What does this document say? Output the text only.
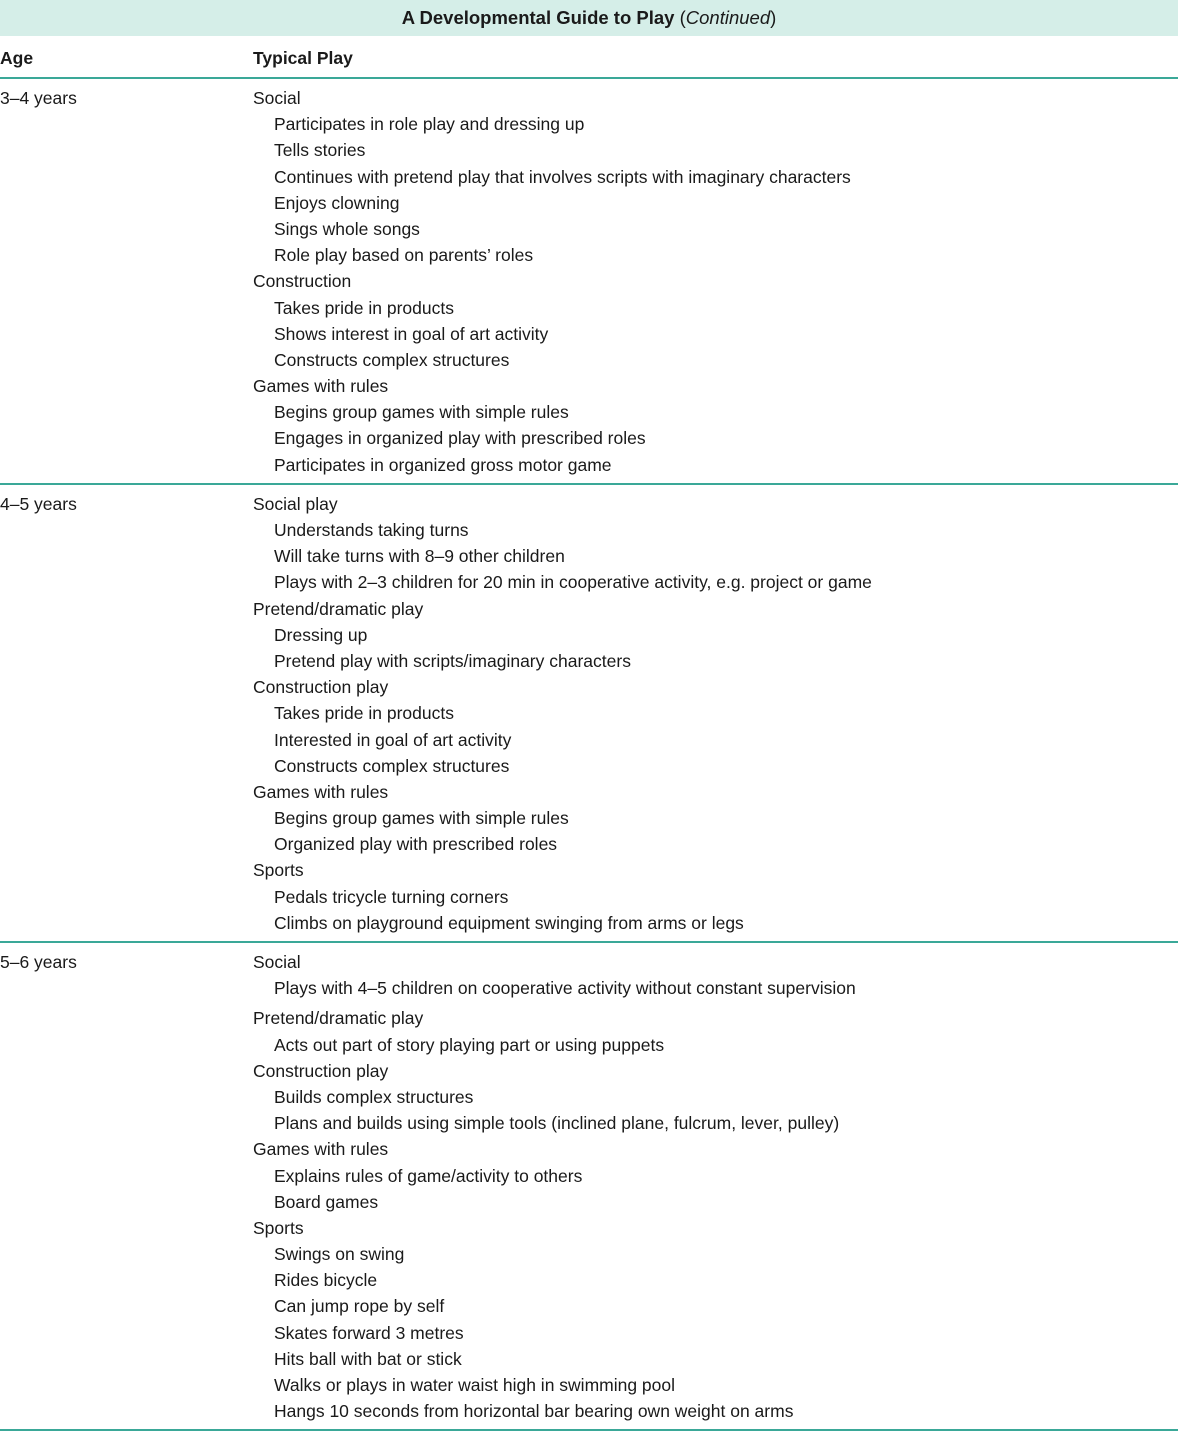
A Developmental Guide to Play (Continued)
Age	Typical Play
3–4 years	Social
Participates in role play and dressing up
Tells stories
Continues with pretend play that involves scripts with imaginary characters
Enjoys clowning
Sings whole songs
Role play based on parents’ roles
Construction
Takes pride in products
Shows interest in goal of art activity
Constructs complex structures
Games with rules
Begins group games with simple rules
Engages in organized play with prescribed roles
Participates in organized gross motor game
4–5 years	Social play
Understands taking turns
Will take turns with 8–9 other children
Plays with 2–3 children for 20 min in cooperative activity, e.g. project or game
Pretend/dramatic play
Dressing up
Pretend play with scripts/imaginary characters
Construction play
Takes pride in products
Interested in goal of art activity
Constructs complex structures
Games with rules
Begins group games with simple rules
Organized play with prescribed roles
Sports
Pedals tricycle turning corners
Climbs on playground equipment swinging from arms or legs
5–6 years	Social
Plays with 4–5 children on cooperative activity without constant supervision
Pretend/dramatic play
Acts out part of story playing part or using puppets
Construction play
Builds complex structures
Plans and builds using simple tools (inclined plane, fulcrum, lever, pulley)
Games with rules
Explains rules of game/activity to others
Board games
Sports
Swings on swing
Rides bicycle
Can jump rope by self
Skates forward 3 metres
Hits ball with bat or stick
Walks or plays in water waist high in swimming pool
Hangs 10 seconds from horizontal bar bearing own weight on arms
